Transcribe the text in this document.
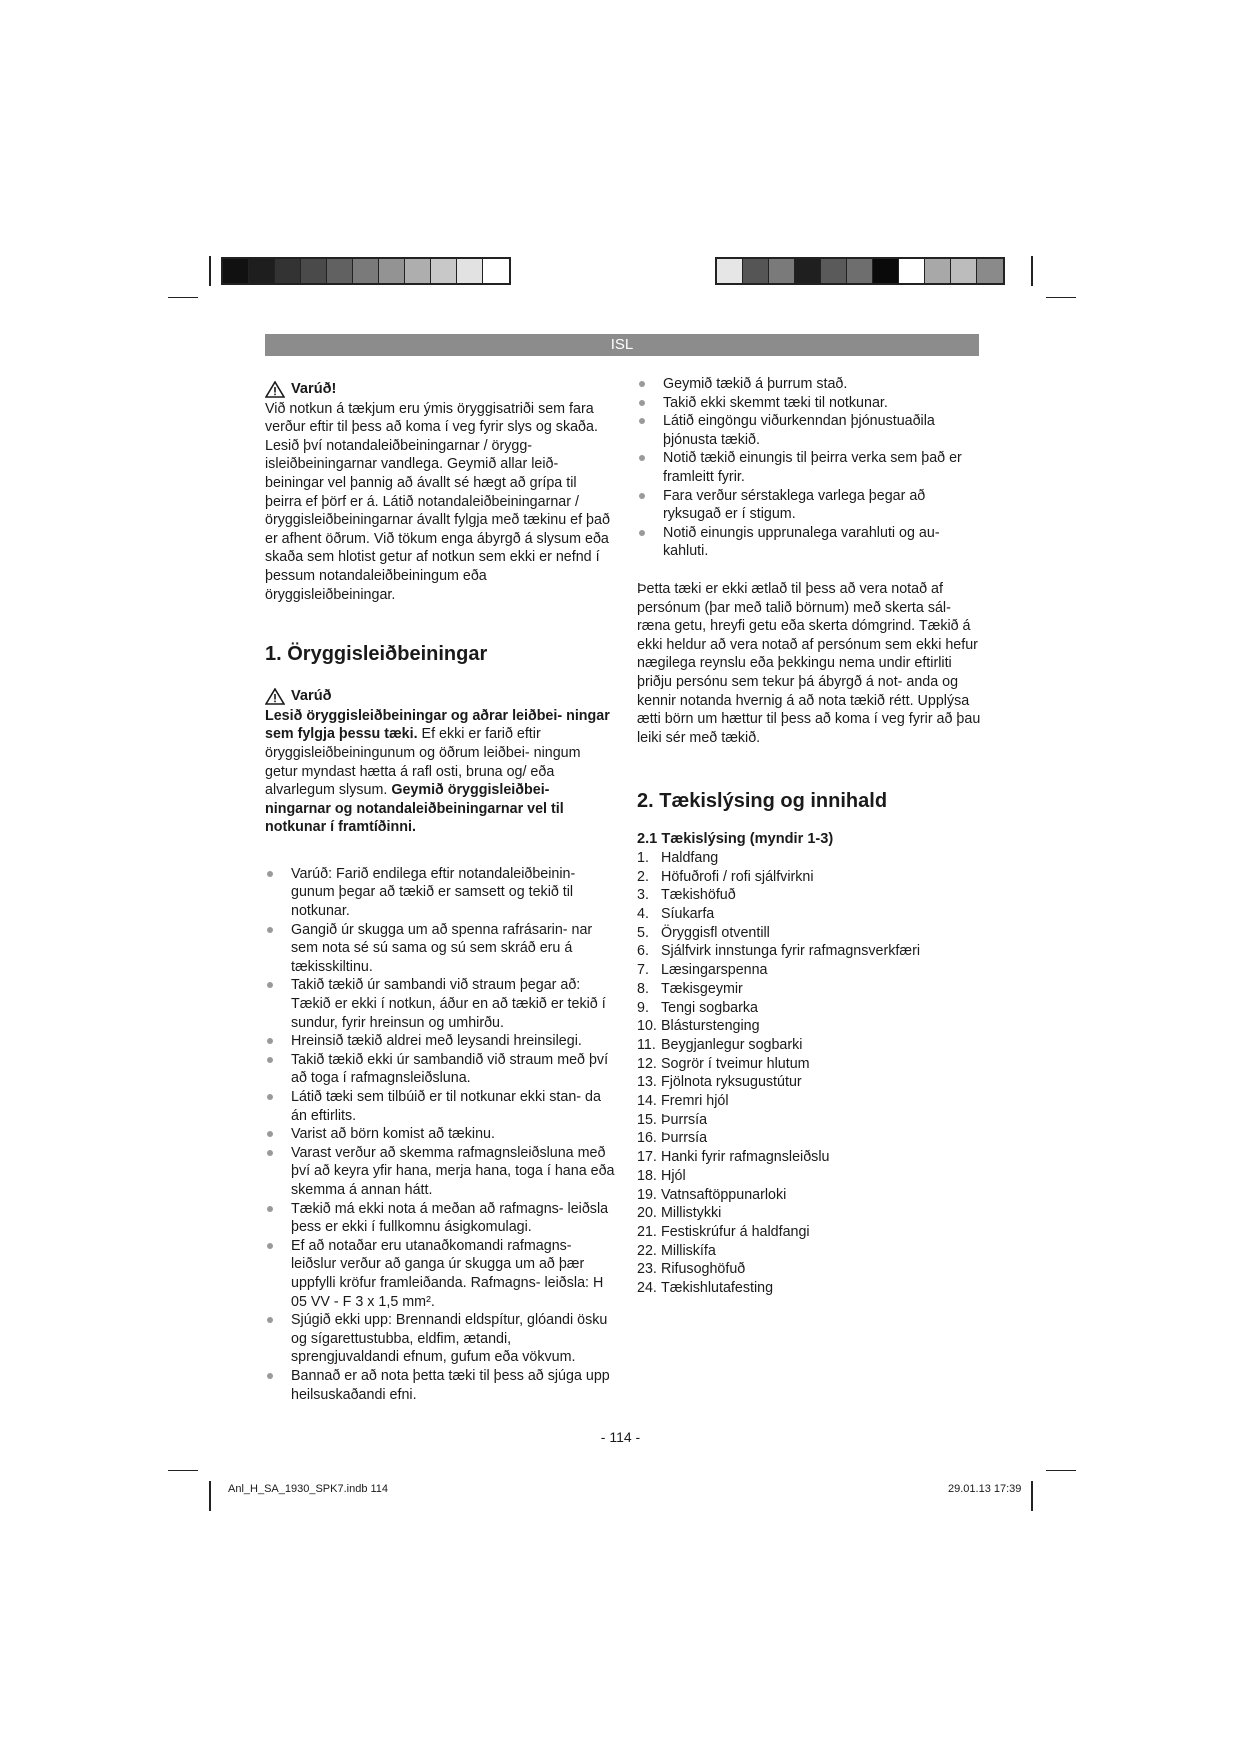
ISL
Varúð!

Við notkun á tækjum eru ýmis öryggisatriði sem fara verður eftir til þess að koma í veg fyrir slys og skaða. Lesið því notandaleiðbeiningarnar / örygg- isleiðbeiningarnar vandlega. Geymið allar leið- beiningar vel þannig að ávallt sé hægt að grípa til þeirra ef þörf er á. Látið notandaleiðbeiningarnar / öryggisleiðbeiningarnar ávallt fylgja með tækinu ef það er afhent öðrum. Við tökum enga ábyrgð á slysum eða skaða sem hlotist getur af notkun sem ekki er nefnd í þessum notandaleiðbeiningum eða öryggisleiðbeiningar.

1. Öryggisleiðbeiningar
Varúð

Lesið öryggisleiðbeiningar og aðrar leiðbei- ningar sem fylgja þessu tæki. Ef ekki er farið eftir öryggisleiðbeiningunum og öðrum leiðbei- ningum getur myndast hætta á rafl osti, bruna og/ eða alvarlegum slysum. Geymið öryggisleiðbei- ningarnar og notandaleiðbeiningarnar vel til notkunar í framtíðinni.

Varúð: Farið endilega eftir notandaleiðbeinin- gunum þegar að tækið er samsett og tekið til notkunar.
Gangið úr skugga um að spenna rafrásarin- nar sem nota sé sú sama og sú sem skráð eru á tækisskiltinu.
Takið tækið úr sambandi við straum þegar að: Tækið er ekki í notkun, áður en að tækið er tekið í sundur, fyrir hreinsun og umhirðu.
Hreinsið tækið aldrei með leysandi hreinsilegi.
Takið tækið ekki úr sambandið við straum með því að toga í rafmagnsleiðsluna.
Látið tæki sem tilbúið er til notkunar ekki stan- da án eftirlits.
Varist að börn komist að tækinu.
Varast verður að skemma rafmagnsleiðsluna með því að keyra yfir hana, merja hana, toga í hana eða skemma á annan hátt.
Tækið má ekki nota á meðan að rafmagns- leiðsla þess er ekki í fullkomnu ásigkomulagi.
Ef að notaðar eru utanaðkomandi rafmagns- leiðslur verður að ganga úr skugga um að þær uppfylli kröfur framleiðanda. Rafmagns- leiðsla: H 05 VV - F 3 x 1,5 mm².
Sjúgið ekki upp: Brennandi eldspítur, glóandi ösku og sígarettustubba, eldfim, ætandi, sprengjuvaldandi efnum, gufum eða vökvum.
Bannað er að nota þetta tæki til þess að sjúga upp heilsuskaðandi efni.
Geymið tækið á þurrum stað.
Takið ekki skemmt tæki til notkunar.
Látið eingöngu viðurkenndan þjónustuaðila þjónusta tækið.
Notið tækið einungis til þeirra verka sem það er framleitt fyrir.
Fara verður sérstaklega varlega þegar að ryksugað er í stigum.
Notið einungis upprunalega varahluti og au- kahluti.

Þetta tæki er ekki ætlað til þess að vera notað af persónum (þar með talið börnum) með skerta sál- ræna getu, hreyfi getu eða skerta dómgrind. Tækið á ekki heldur að vera notað af persónum sem ekki hefur nægilega reynslu eða þekkingu nema undir eftirliti þriðju persónu sem tekur þá ábyrgð á not- anda og kennir notanda hvernig á að nota tækið rétt. Upplýsa ætti börn um hættur til þess að koma í veg fyrir að þau leiki sér með tækið.

2. Tækislýsing og innihald
2.1 Tækislýsing (myndir 1-3)
1. Haldfang
2. Höfuðrofi / rofi sjálfvirkni
3. Tækishöfuð
4. Síukarfa
5. Öryggisfl otventill
6. Sjálfvirk innstunga fyrir rafmagnsverkfæri
7. Læsingarspenna
8. Tækisgeymir
9. Tengi sogbarka
10. Blásturstenging
11. Beygjanlegur sogbarki
12. Sogrör í tveimur hlutum
13. Fjölnota ryksugustútur
14. Fremri hjól
15. Þurrsía
16. Þurrsía
17. Hanki fyrir rafmagnsleiðslu
18. Hjól
19. Vatnsaftöppunarloki
20. Millistykki
21. Festiskrúfur á haldfangi
22. Milliskífa
23. Rifusoghöfuð
24. Tækishlutafesting
- 114 -
Anl_H_SA_1930_SPK7.indb 114	29.01.13 17:39
